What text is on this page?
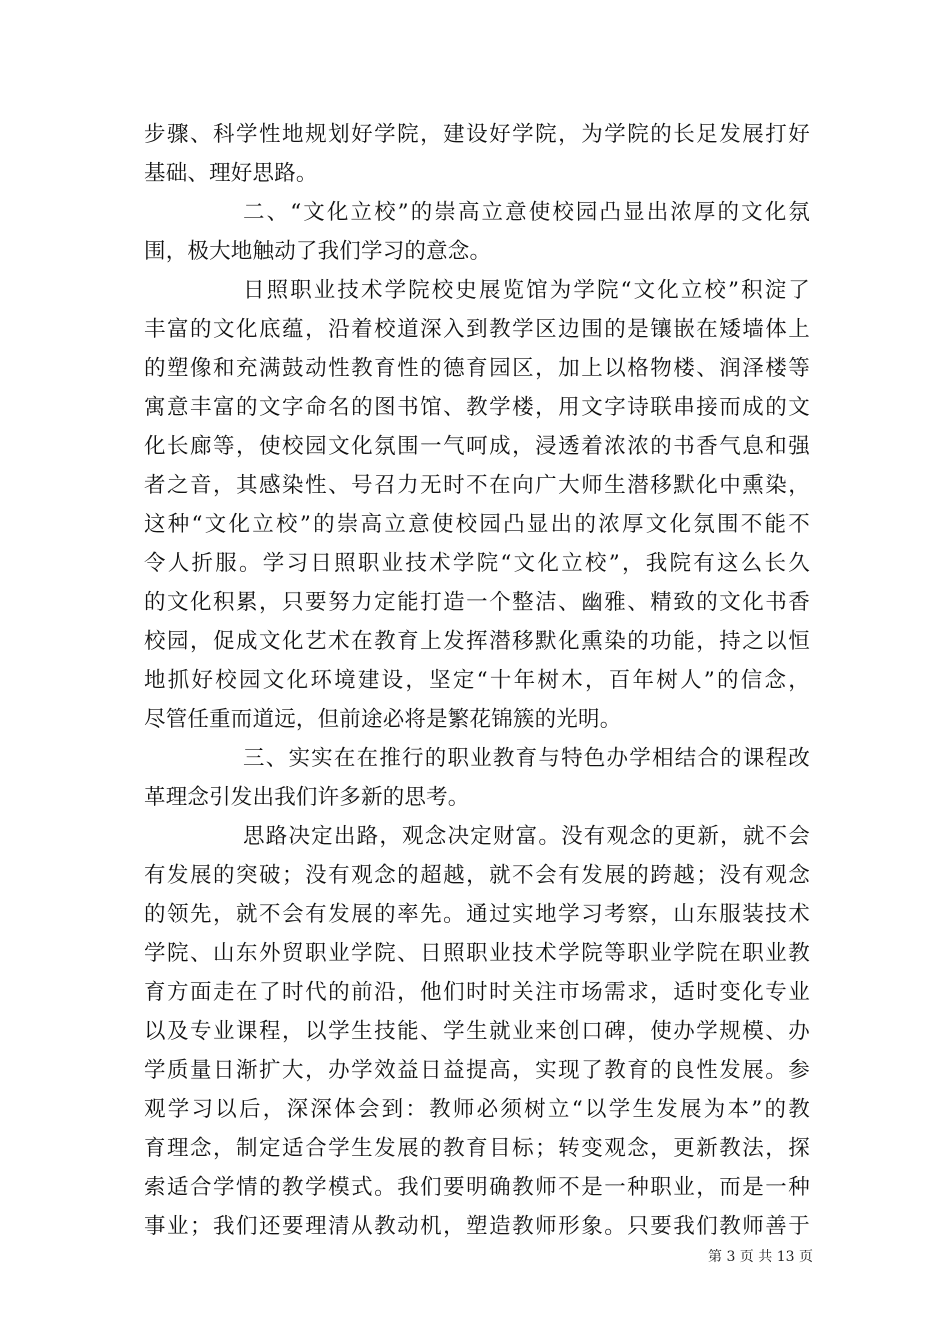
步骤、科学性地规划好学院，建设好学院，为学院的长足发展打好

基础、理好思路。

二、“文化立校”的崇高立意使校园凸显出浓厚的文化氛

围，极大地触动了我们学习的意念。

日照职业技术学院校史展览馆为学院“文化立校”积淀了

丰富的文化底蕴，沿着校道深入到教学区边围的是镶嵌在矮墙体上

的塑像和充满鼓动性教育性的德育园区，加上以格物楼、润泽楼等

寓意丰富的文字命名的图书馆、教学楼，用文字诗联串接而成的文

化长廊等，使校园文化氛围一气呵成，浸透着浓浓的书香气息和强

者之音，其感染性、号召力无时不在向广大师生潜移默化中熏染，

这种“文化立校”的崇高立意使校园凸显出的浓厚文化氛围不能不

令人折服。学习日照职业技术学院“文化立校”，我院有这么长久

的文化积累，只要努力定能打造一个整洁、幽雅、精致的文化书香

校园，促成文化艺术在教育上发挥潜移默化熏染的功能，持之以恒

地抓好校园文化环境建设，坚定“十年树木，百年树人”的信念，

尽管任重而道远，但前途必将是繁花锦簇的光明。

三、实实在在推行的职业教育与特色办学相结合的课程改

革理念引发出我们许多新的思考。

思路决定出路，观念决定财富。没有观念的更新，就不会

有发展的突破；没有观念的超越，就不会有发展的跨越；没有观念

的领先，就不会有发展的率先。通过实地学习考察，山东服装技术

学院、山东外贸职业学院、日照职业技术学院等职业学院在职业教

育方面走在了时代的前沿，他们时时关注市场需求，适时变化专业

以及专业课程，以学生技能、学生就业来创口碑，使办学规模、办

学质量日渐扩大，办学效益日益提高，实现了教育的良性发展。参

观学习以后，深深体会到：教师必须树立“以学生发展为本”的教

育理念，制定适合学生发展的教育目标；转变观念，更新教法，探

索适合学情的教学模式。我们要明确教师不是一种职业，而是一种

事业；我们还要理清从教动机，塑造教师形象。只要我们教师善于

第 3 页 共 13 页
